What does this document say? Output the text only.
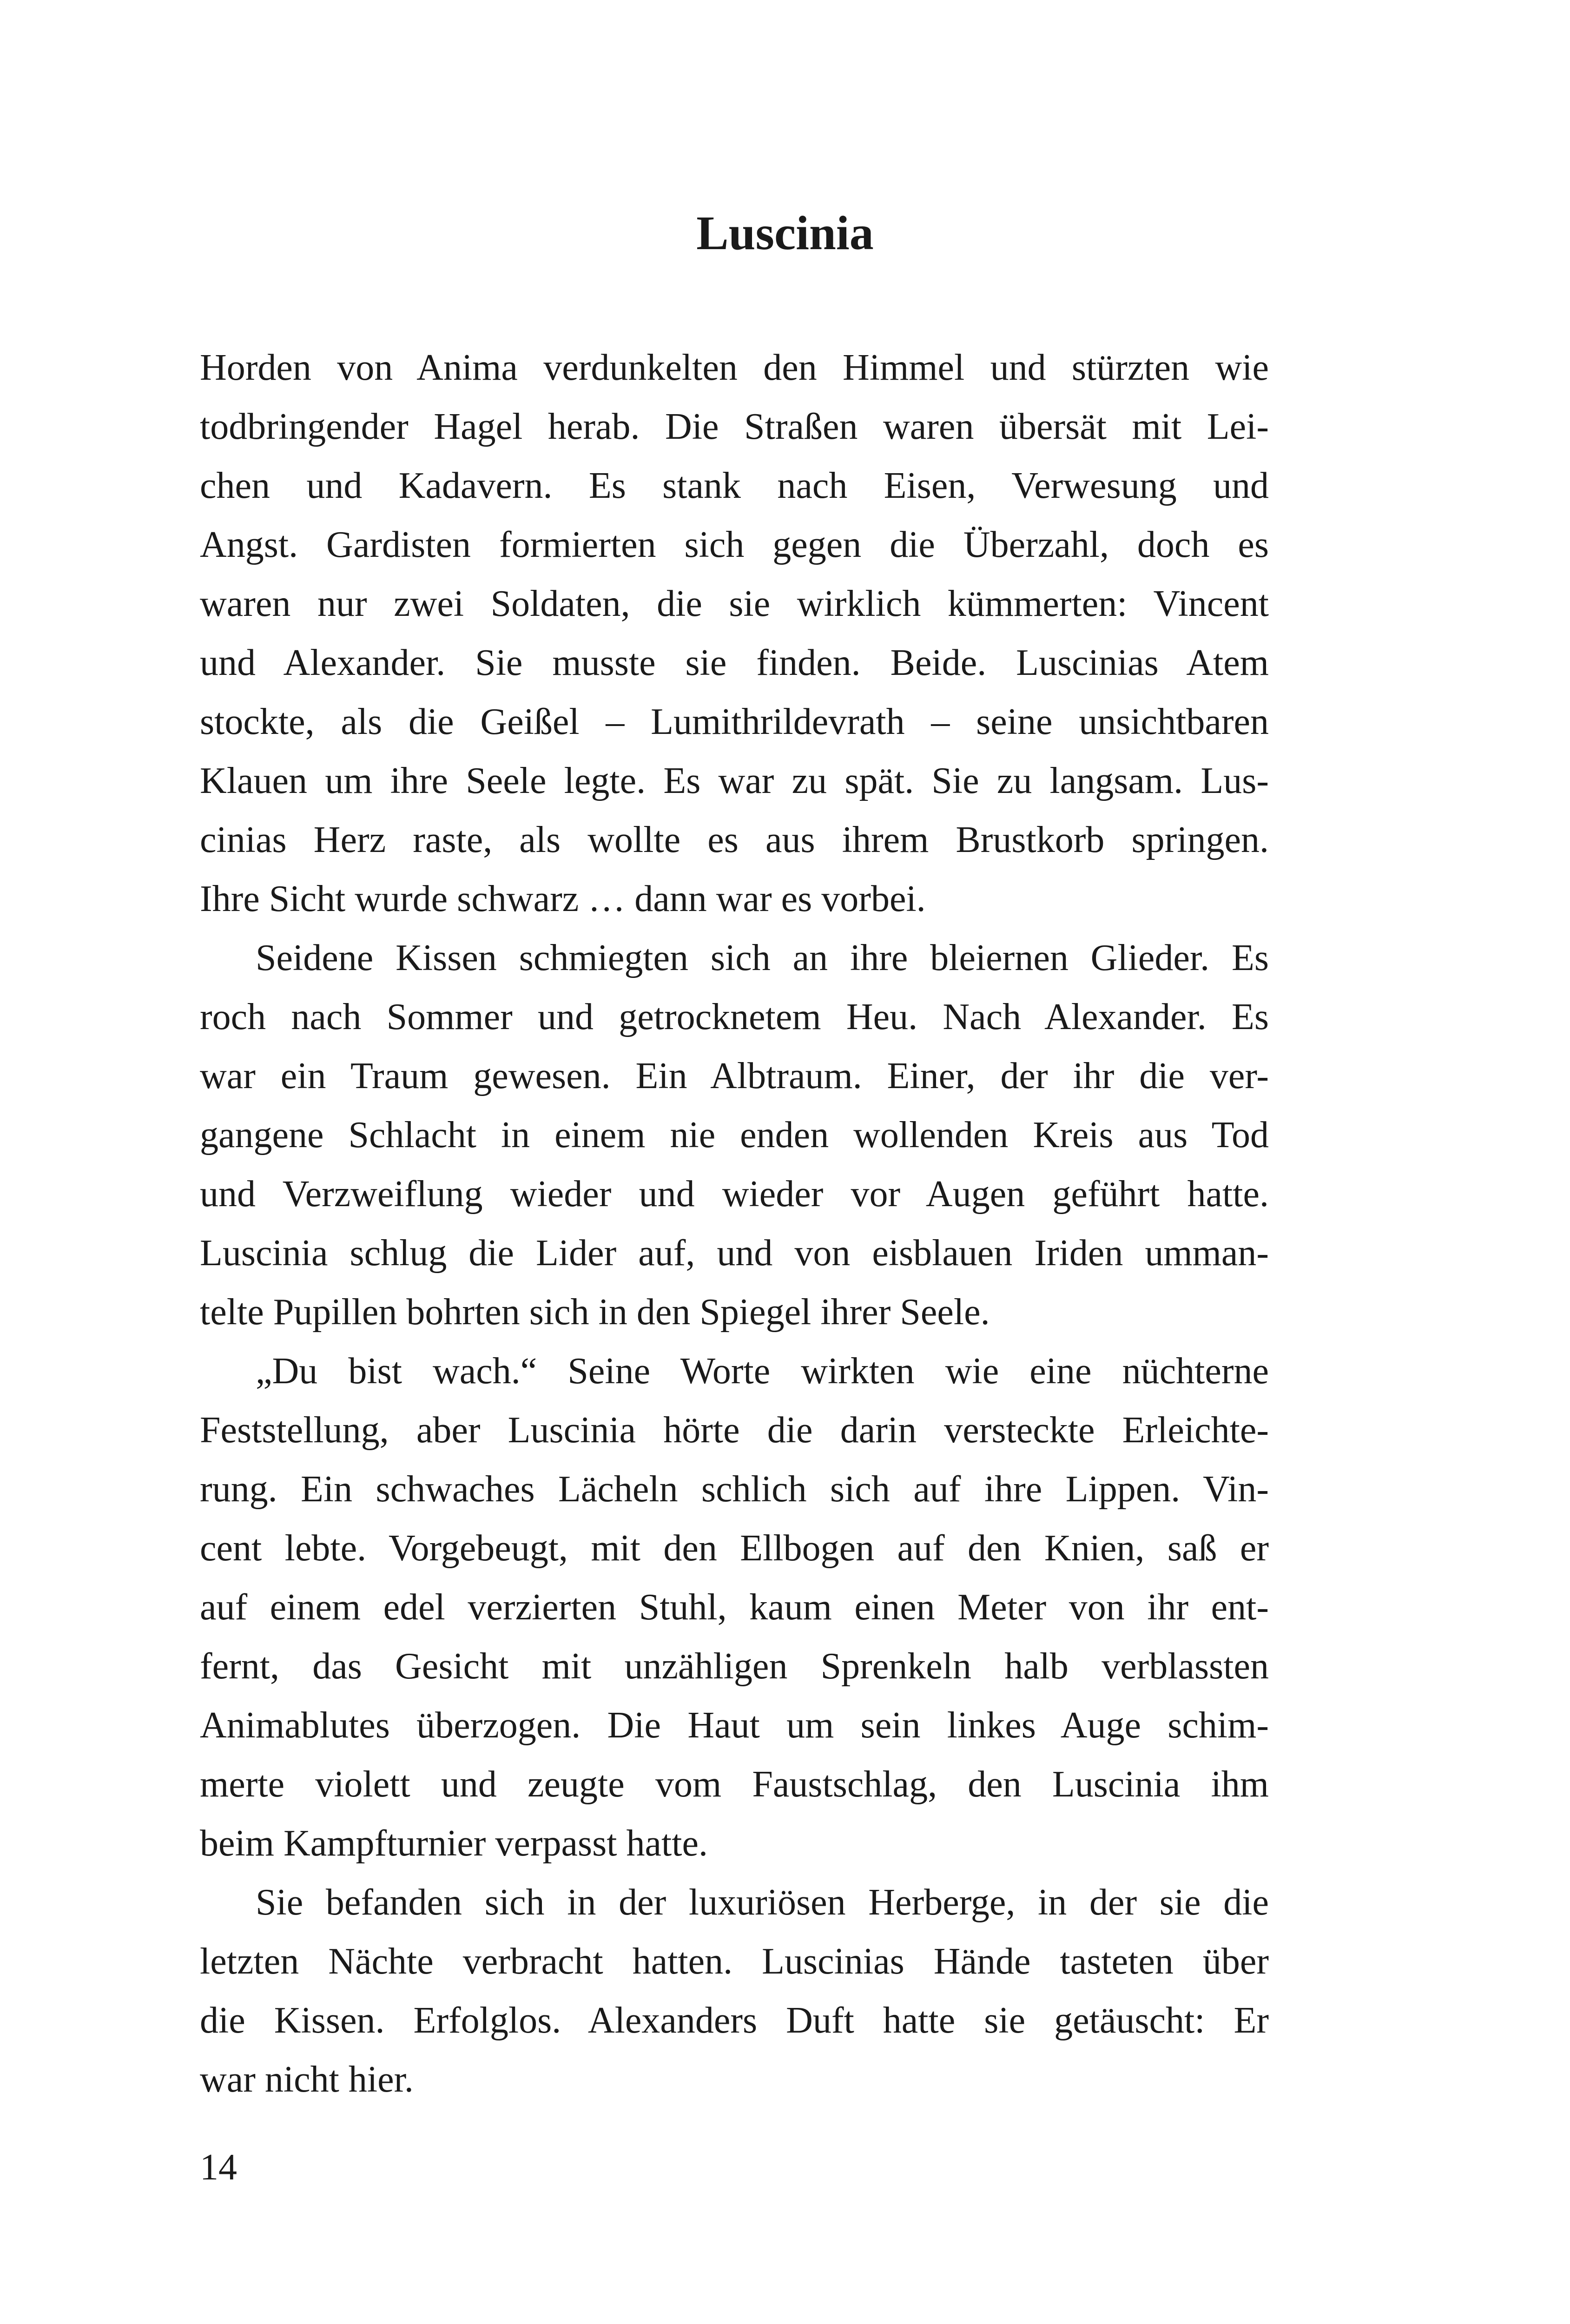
Luscinia
Horden von Anima verdunkelten den Himmel und stürzten wie
todbringender Hagel herab. Die Straßen waren übersät mit Lei-
chen und Kadavern. Es stank nach Eisen, Verwesung und
Angst. Gardisten formierten sich gegen die Überzahl, doch es
waren nur zwei Soldaten, die sie wirklich kümmerten: Vincent
und Alexander. Sie musste sie finden. Beide. Luscinias Atem
stockte, als die Geißel – Lumithrildevrath – seine unsichtbaren
Klauen um ihre Seele legte. Es war zu spät. Sie zu langsam. Lus-
cinias Herz raste, als wollte es aus ihrem Brustkorb springen.
Ihre Sicht wurde schwarz … dann war es vorbei.
Seidene Kissen schmiegten sich an ihre bleiernen Glieder. Es
roch nach Sommer und getrocknetem Heu. Nach Alexander. Es
war ein Traum gewesen. Ein Albtraum. Einer, der ihr die ver-
gangene Schlacht in einem nie enden wollenden Kreis aus Tod
und Verzweiflung wieder und wieder vor Augen geführt hatte.
Luscinia schlug die Lider auf, und von eisblauen Iriden umman-
telte Pupillen bohrten sich in den Spiegel ihrer Seele.
„Du bist wach.“ Seine Worte wirkten wie eine nüchterne
Feststellung, aber Luscinia hörte die darin versteckte Erleichte-
rung. Ein schwaches Lächeln schlich sich auf ihre Lippen. Vin-
cent lebte. Vorgebeugt, mit den Ellbogen auf den Knien, saß er
auf einem edel verzierten Stuhl, kaum einen Meter von ihr ent-
fernt, das Gesicht mit unzähligen Sprenkeln halb verblassten
Animablutes überzogen. Die Haut um sein linkes Auge schim-
merte violett und zeugte vom Faustschlag, den Luscinia ihm
beim Kampfturnier verpasst hatte.
Sie befanden sich in der luxuriösen Herberge, in der sie die
letzten Nächte verbracht hatten. Luscinias Hände tasteten über
die Kissen. Erfolglos. Alexanders Duft hatte sie getäuscht: Er
war nicht hier.
14
